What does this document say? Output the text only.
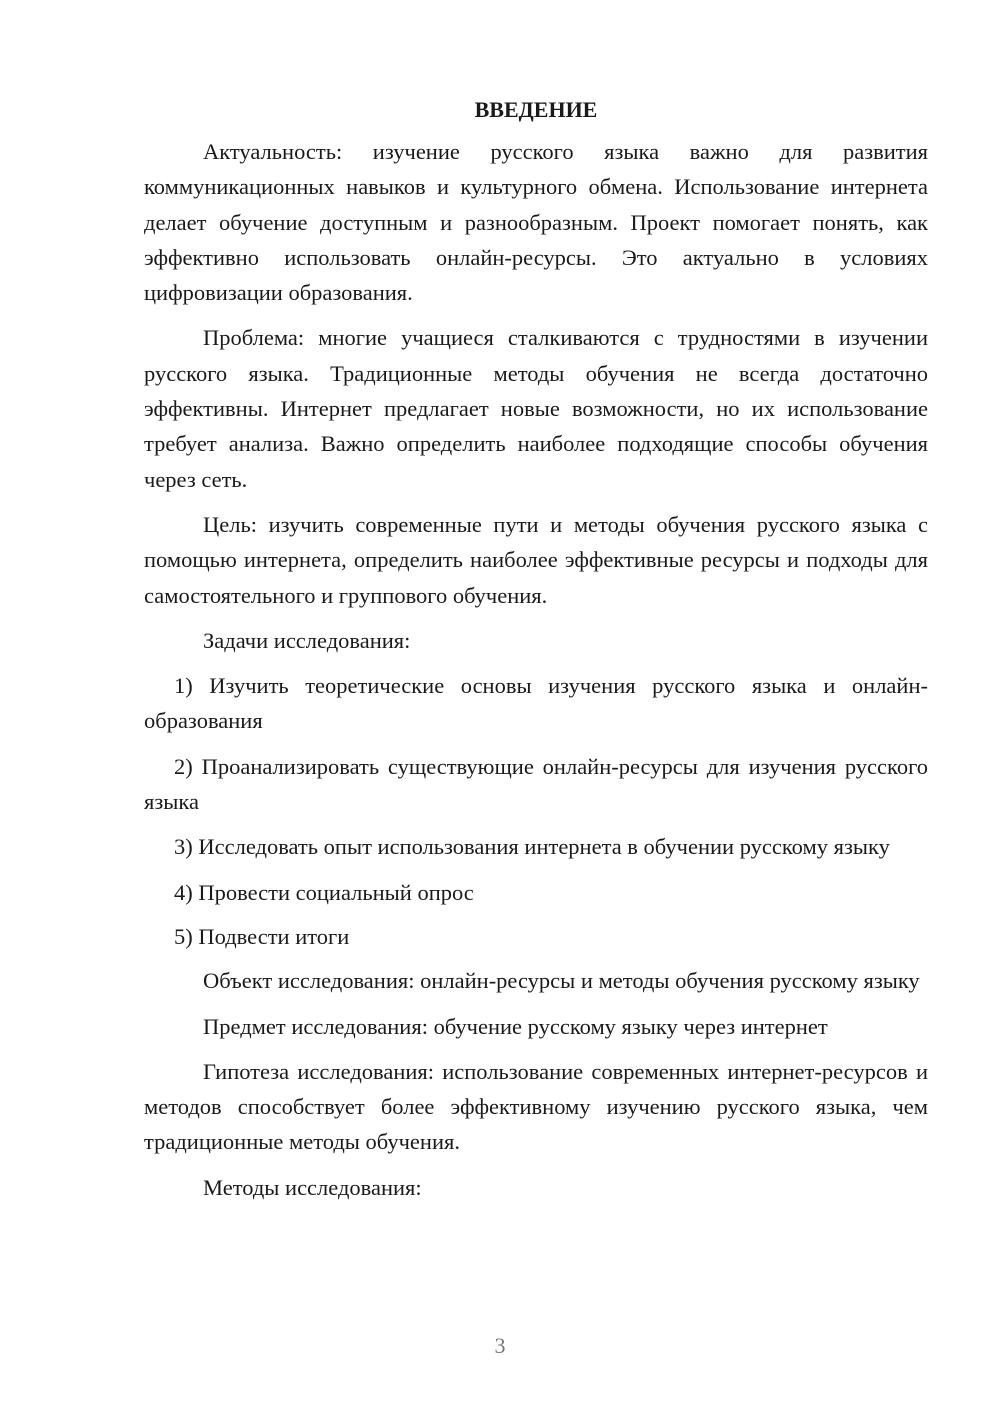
ВВЕДЕНИЕ

Актуальность: изучение русского языка важно для развития коммуникационных навыков и культурного обмена. Использование интернета делает обучение доступным и разнообразным. Проект помогает понять, как эффективно использовать онлайн-ресурсы. Это актуально в условиях цифровизации образования.

Проблема: многие учащиеся сталкиваются с трудностями в изучении русского языка. Традиционные методы обучения не всегда достаточно эффективны. Интернет предлагает новые возможности, но их использование требует анализа. Важно определить наиболее подходящие способы обучения через сеть.

Цель: изучить современные пути и методы обучения русского языка с помощью интернета, определить наиболее эффективные ресурсы и подходы для самостоятельного и группового обучения.

Задачи исследования:

1) Изучить теоретические основы изучения русского языка и онлайн-образования

2) Проанализировать существующие онлайн-ресурсы для изучения русского языка

3) Исследовать опыт использования интернета в обучении русскому языку

4) Провести социальный опрос

5) Подвести итоги

Объект исследования: онлайн-ресурсы и методы обучения русскому языку

Предмет исследования: обучение русскому языку через интернет

Гипотеза исследования: использование современных интернет-ресурсов и методов способствует более эффективному изучению русского языка, чем традиционные методы обучения.

Методы исследования:

3
